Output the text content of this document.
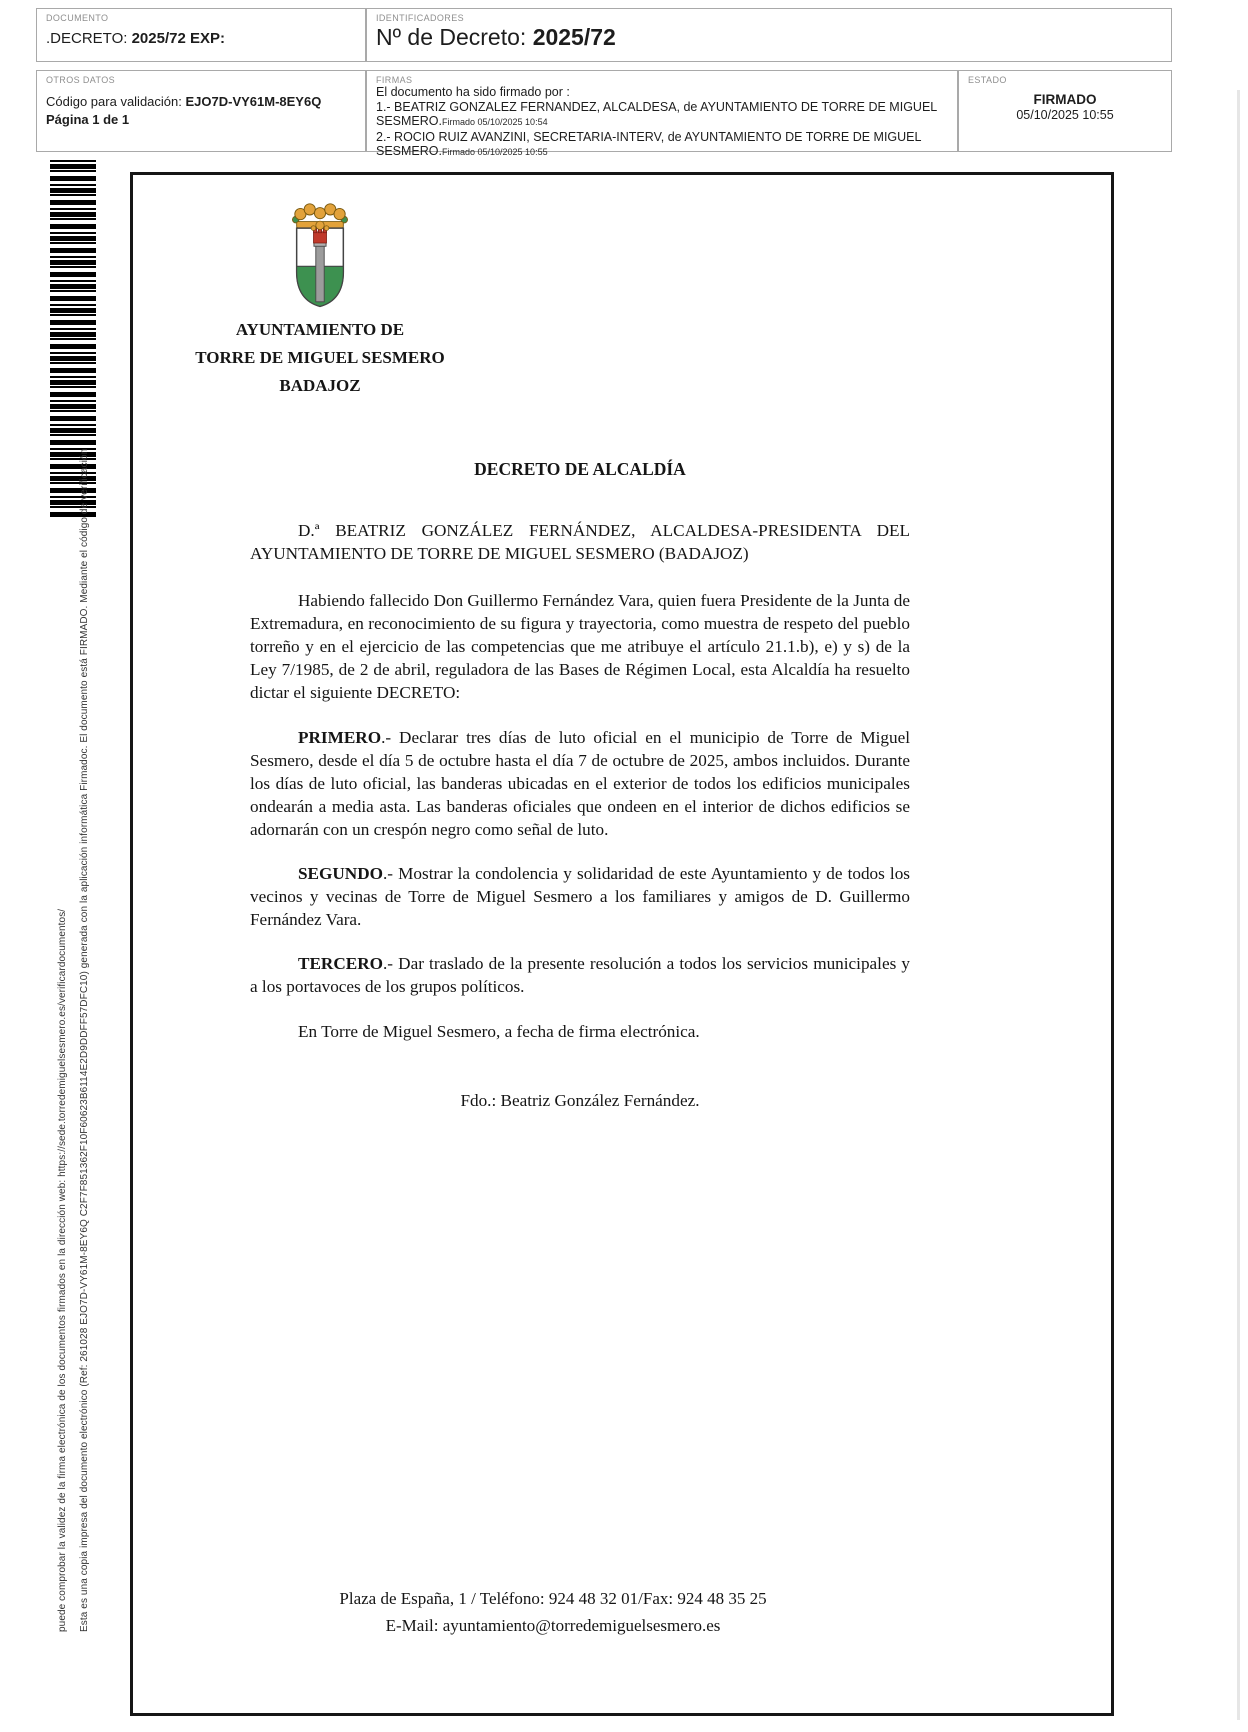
Esta es una copia impresa del documento electrónico (Ref: 261028 EJO7D-VY61M-8EY6Q C2F7F851362F10F60623B6114E2D9DDFF57DFC10) generada con la aplicación informática Firmadoc. El documento está FIRMADO. Mediante el código de verificación
puede comprobar la validez de la firma electrónica de los documentos firmados en la dirección web: https://sede.torredemiguelsesmero.es/verificardocumentos/
DOCUMENTO
.DECRETO: 2025/72 EXP:
IDENTIFICADORES
Nº de Decreto: 2025/72
OTROS DATOS
Código para validación: EJO7D-VY61M-8EY6Q
Página 1 de 1
FIRMAS
El documento ha sido firmado por :
1.- BEATRIZ GONZALEZ FERNANDEZ, ALCALDESA, de AYUNTAMIENTO DE TORRE DE MIGUEL SESMERO.Firmado 05/10/2025 10:54
2.- ROCIO RUIZ AVANZINI, SECRETARIA-INTERV, de AYUNTAMIENTO DE TORRE DE MIGUEL SESMERO.Firmado 05/10/2025 10:55
ESTADO
FIRMADO
05/10/2025 10:55
AYUNTAMIENTO DE
TORRE DE MIGUEL SESMERO
BADAJOZ
DECRETO DE ALCALDÍA

D.ª BEATRIZ GONZÁLEZ FERNÁNDEZ, ALCALDESA-PRESIDENTA DEL AYUNTAMIENTO DE TORRE DE MIGUEL SESMERO (BADAJOZ)

Habiendo fallecido Don Guillermo Fernández Vara, quien fuera Presidente de la Junta de Extremadura, en reconocimiento de su figura y trayectoria, como muestra de respeto del pueblo torreño y en el ejercicio de las competencias que me atribuye el artículo 21.1.b), e) y s) de la Ley 7/1985, de 2 de abril, reguladora de las Bases de Régimen Local, esta Alcaldía ha resuelto dictar el siguiente DECRETO:

PRIMERO.- Declarar tres días de luto oficial en el municipio de Torre de Miguel Sesmero, desde el día 5 de octubre hasta el día 7 de octubre de 2025, ambos incluidos. Durante los días de luto oficial, las banderas ubicadas en el exterior de todos los edificios municipales ondearán a media asta. Las banderas oficiales que ondeen en el interior de dichos edificios se adornarán con un crespón negro como señal de luto.

SEGUNDO.- Mostrar la condolencia y solidaridad de este Ayuntamiento y de todos los vecinos y vecinas de Torre de Miguel Sesmero a los familiares y amigos de D. Guillermo Fernández Vara.

TERCERO.- Dar traslado de la presente resolución a todos los servicios municipales y a los portavoces de los grupos políticos.

En Torre de Miguel Sesmero, a fecha de firma electrónica.

Fdo.: Beatriz González Fernández.

Plaza de España, 1 / Teléfono: 924 48 32 01/Fax: 924 48 35 25
E-Mail: ayuntamiento@torredemiguelsesmero.es
